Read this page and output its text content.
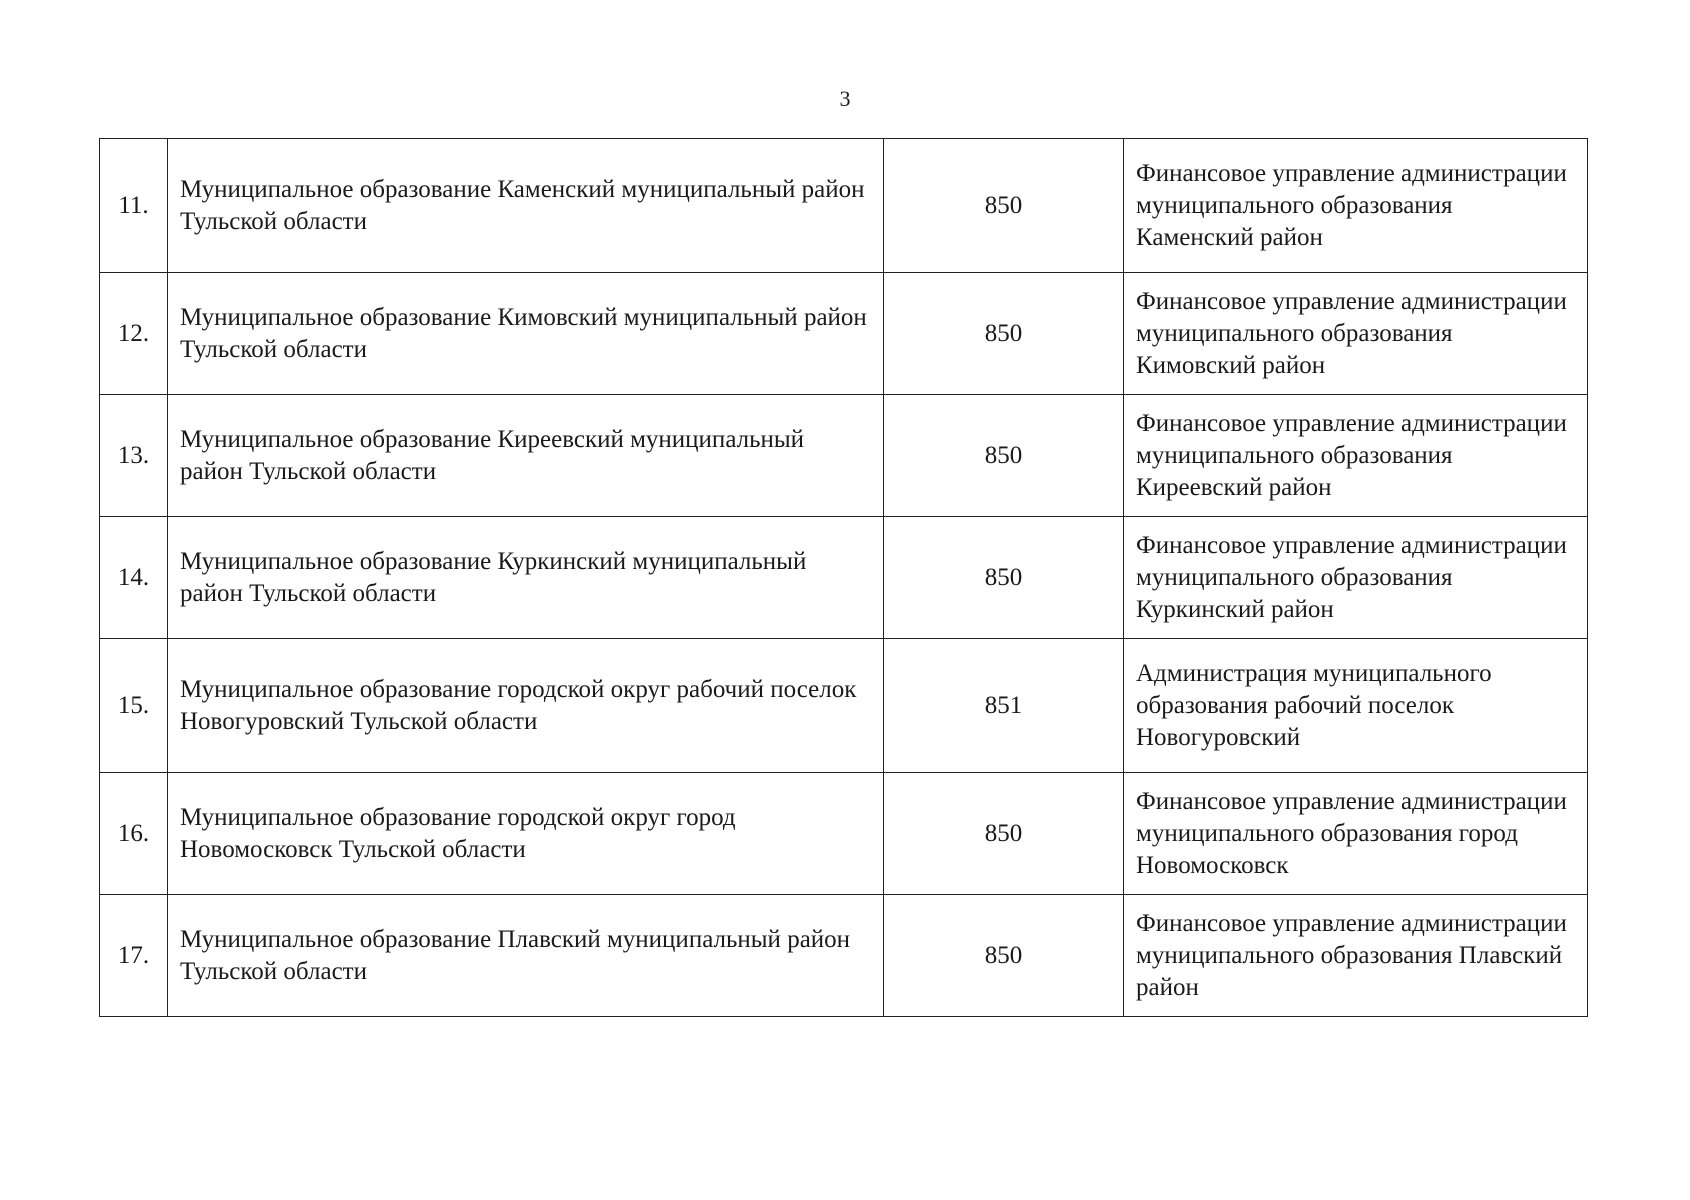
3
11.	Муниципальное образование Каменский муниципальный район Тульской области	850	Финансовое управление администрации муниципального образования Каменский район
12.	Муниципальное образование Кимовский муниципальный район Тульской области	850	Финансовое управление администрации муниципального образования Кимовский район
13.	Муниципальное образование Киреевский муниципальный район Тульской области	850	Финансовое управление администрации муниципального образования Киреевский район
14.	Муниципальное образование Куркинский муниципальный район Тульской области	850	Финансовое управление администрации муниципального образования Куркинский район
15.	Муниципальное образование городской округ рабочий поселок Новогуровский Тульской области	851	Администрация муниципального образования рабочий поселок Новогуровский
16.	Муниципальное образование городской округ город Новомосковск Тульской области	850	Финансовое управление администрации муниципального образования город Новомосковск
17.	Муниципальное образование Плавский муниципальный район Тульской области	850	Финансовое управление администрации муниципального образования Плавский район
